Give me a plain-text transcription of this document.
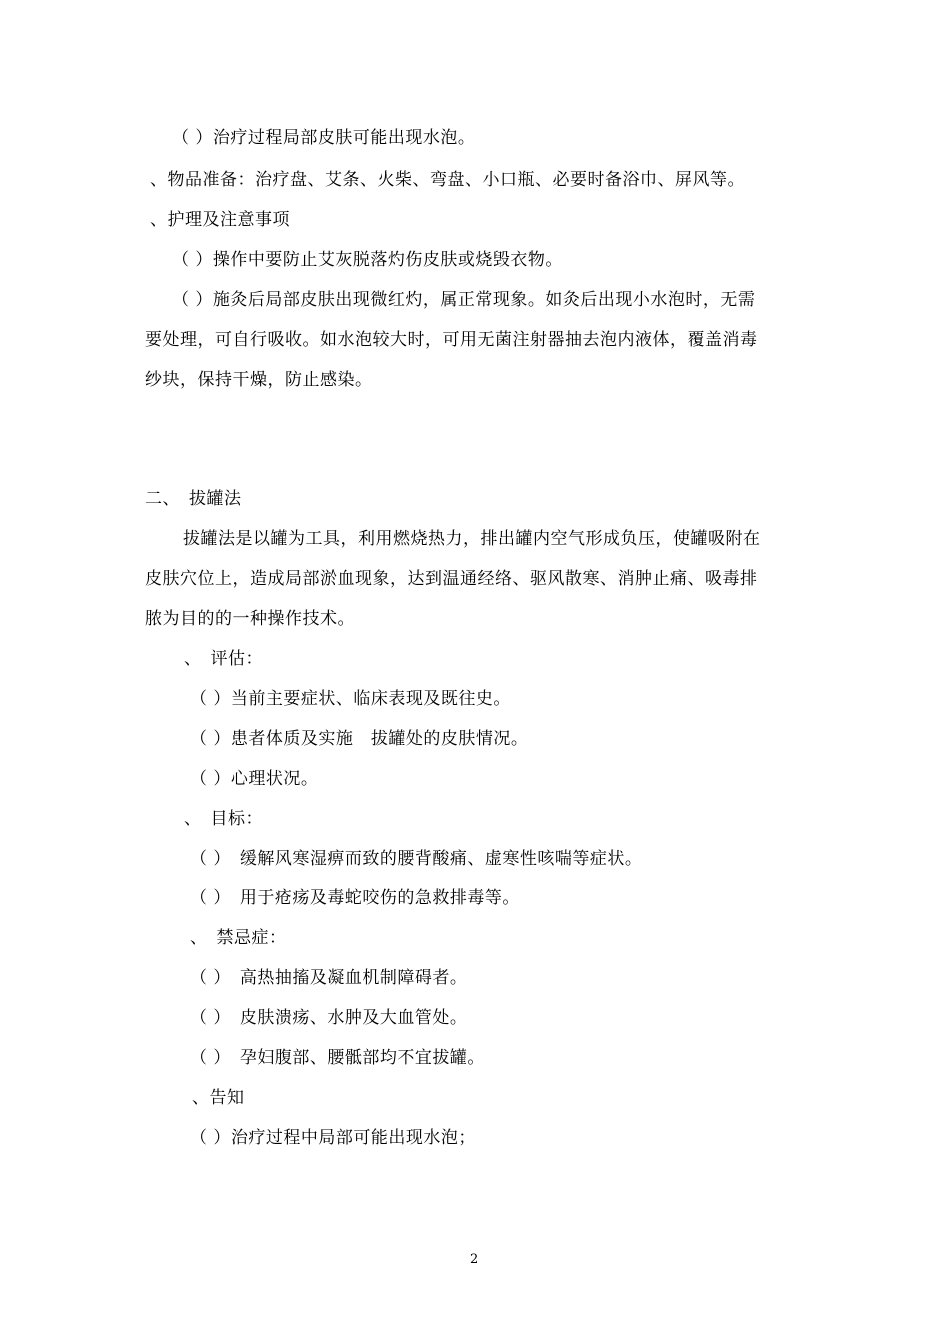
（ ）治疗过程局部皮肤可能出现水泡。
、物品准备：治疗盘、艾条、火柴、弯盘、小口瓶、必要时备浴巾、屏风等。
、护理及注意事项
（ ）操作中要防止艾灰脱落灼伤皮肤或烧毁衣物。
（ ）施灸后局部皮肤出现微红灼，属正常现象。如灸后出现小水泡时，无需
要处理，可自行吸收。如水泡较大时，可用无菌注射器抽去泡内液体，覆盖消毒
纱块，保持干燥，防止感染。
二、　拔罐法
拔罐法是以罐为工具，利用燃烧热力，排出罐内空气形成负压，使罐吸附在
皮肤穴位上，造成局部淤血现象，达到温通经络、驱风散寒、消肿止痛、吸毒排
脓为目的的一种操作技术。
、　评估：
（ ）当前主要症状、临床表现及既往史。
（ ）患者体质及实施　拔罐处的皮肤情况。
（ ）心理状况。
、　目标：
（ ）　缓解风寒湿痹而致的腰背酸痛、虚寒性咳喘等症状。
（ ）　用于疮疡及毒蛇咬伤的急救排毒等。
、　禁忌症：
（ ）　高热抽搐及凝血机制障碍者。
（ ）　皮肤溃疡、水肿及大血管处。
（ ）　孕妇腹部、腰骶部均不宜拔罐。
、告知
（ ）治疗过程中局部可能出现水泡；
2
